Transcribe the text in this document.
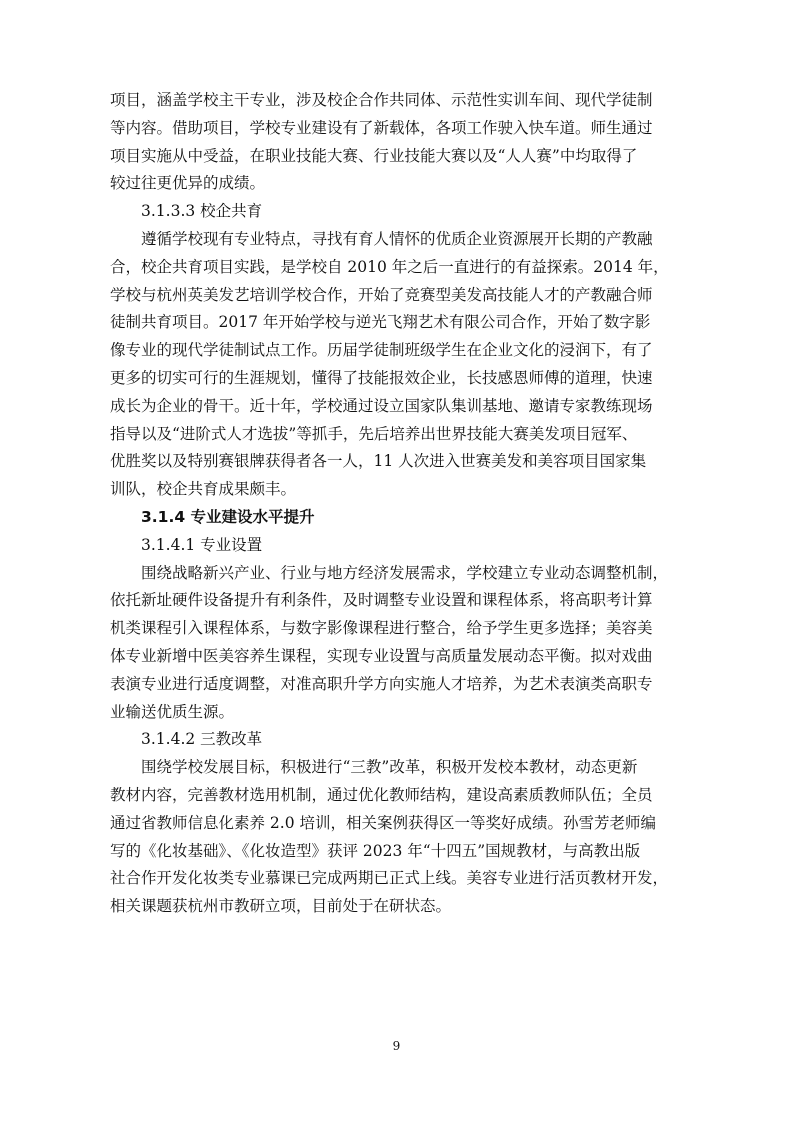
项目，涵盖学校主干专业，涉及校企合作共同体、示范性实训车间、现代学徒制

等内容。借助项目，学校专业建设有了新载体，各项工作驶入快车道。师生通过

项目实施从中受益，在职业技能大赛、行业技能大赛以及“人人赛”中均取得了

较过往更优异的成绩。

3.1.3.3 校企共育

遵循学校现有专业特点，寻找有育人情怀的优质企业资源展开长期的产教融

合，校企共育项目实践，是学校自 2010 年之后一直进行的有益探索。2014 年，

学校与杭州英美发艺培训学校合作，开始了竞赛型美发高技能人才的产教融合师

徒制共育项目。2017 年开始学校与逆光飞翔艺术有限公司合作，开始了数字影

像专业的现代学徒制试点工作。历届学徒制班级学生在企业文化的浸润下，有了

更多的切实可行的生涯规划，懂得了技能报效企业，长技感恩师傅的道理，快速

成长为企业的骨干。近十年，学校通过设立国家队集训基地、邀请专家教练现场

指导以及“进阶式人才选拔”等抓手，先后培养出世界技能大赛美发项目冠军、

优胜奖以及特别赛银牌获得者各一人，11 人次进入世赛美发和美容项目国家集

训队，校企共育成果颇丰。

3.1.4 专业建设水平提升

3.1.4.1 专业设置

围绕战略新兴产业、行业与地方经济发展需求，学校建立专业动态调整机制，

依托新址硬件设备提升有利条件，及时调整专业设置和课程体系，将高职考计算

机类课程引入课程体系，与数字影像课程进行整合，给予学生更多选择；美容美

体专业新增中医美容养生课程，实现专业设置与高质量发展动态平衡。拟对戏曲

表演专业进行适度调整，对准高职升学方向实施人才培养，为艺术表演类高职专

业输送优质生源。

3.1.4.2 三教改革

围绕学校发展目标，积极进行“三教”改革，积极开发校本教材，动态更新

教材内容，完善教材选用机制，通过优化教师结构，建设高素质教师队伍；全员

通过省教师信息化素养 2.0 培训，相关案例获得区一等奖好成绩。孙雪芳老师编

写的《化妆基础》、《化妆造型》获评 2023 年“十四五”国规教材，与高教出版

社合作开发化妆类专业慕课已完成两期已正式上线。美容专业进行活页教材开发，

相关课题获杭州市教研立项，目前处于在研状态。

9
